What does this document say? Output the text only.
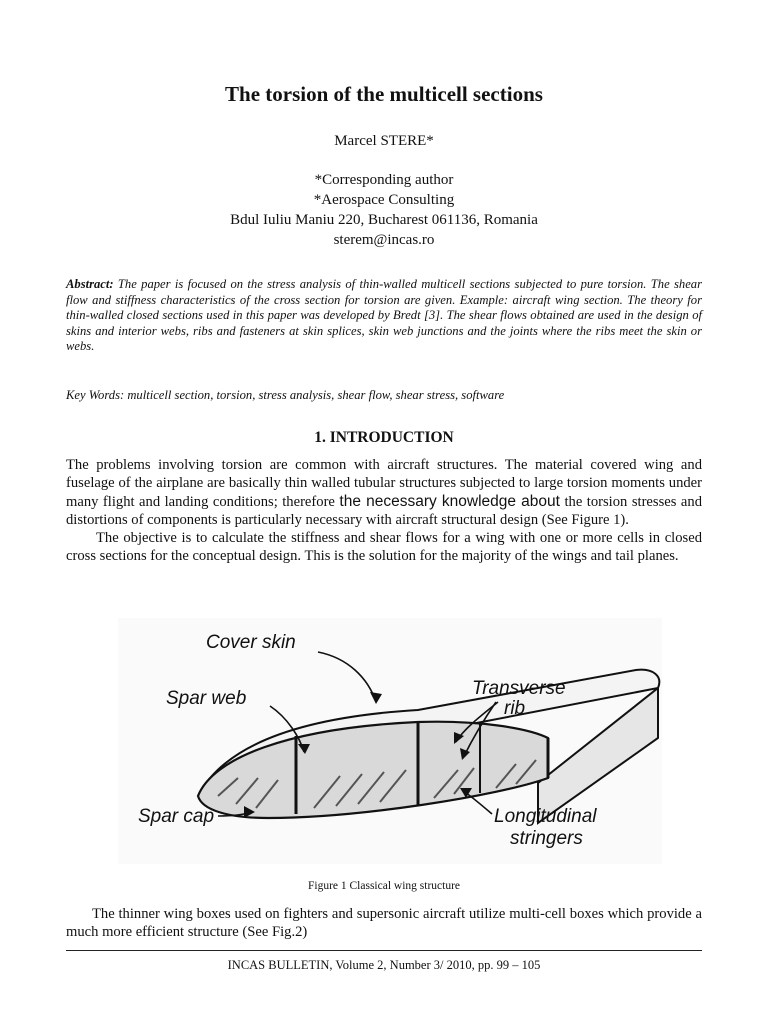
The torsion of the multicell sections
Marcel STERE*
*Corresponding author
*Aerospace Consulting
Bdul Iuliu Maniu 220, Bucharest 061136, Romania
sterem@incas.ro
Abstract: The paper is focused on the stress analysis of thin-walled multicell sections subjected to pure torsion. The shear flow and stiffness characteristics of the cross section for torsion are given. Example: aircraft wing section. The theory for thin-walled closed sections used in this paper was developed by Bredt [3]. The shear flows obtained are used in the design of skins and interior webs, ribs and fasteners at skin splices, skin web junctions and the joints where the ribs meet the skin or webs.
Key Words: multicell section, torsion, stress analysis, shear flow, shear stress, software
1. INTRODUCTION

The problems involving torsion are common with aircraft structures. The material covered wing and fuselage of the airplane are basically thin walled tubular structures subjected to large torsion moments under many flight and landing conditions; therefore the necessary knowledge about the torsion stresses and distortions of components is particularly necessary with aircraft structural design (See Figure 1).

The objective is to calculate the stiffness and shear flows for a wing with one or more cells in closed cross sections for the conceptual design. This is the solution for the majority of the wings and tail planes.

Cover skin
Spar web	Transverse
rib
Spar cap	Longitudinal
stringers
Figure 1 Classical wing structure
The thinner wing boxes used on fighters and supersonic aircraft utilize multi-cell boxes which provide a much more efficient structure (See Fig.2)
INCAS BULLETIN, Volume 2, Number 3/ 2010, pp. 99 – 105
